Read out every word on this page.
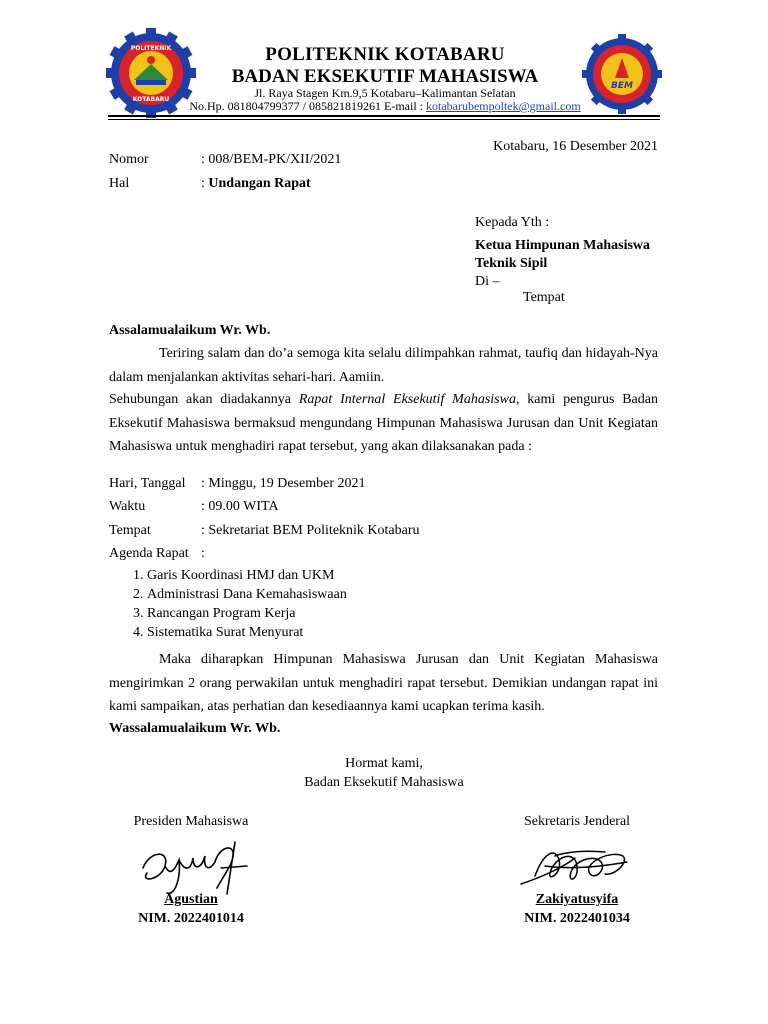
POLITEKNIK
KOTABARU
BEM
POLITEKNIK KOTABARU
BADAN EKSEKUTIF MAHASISWA
Jl. Raya Stagen Km.9,5 Kotabaru–Kalimantan Selatan
No.Hp. 081804799377 / 085821819261 E-mail : kotabarubempoltek@gmail.com
Kotabaru, 16 Desember 2021
Nomor	: 008/BEM-PK/XII/2021
Hal	: Undangan Rapat
Kepada Yth :
Ketua Himpunan Mahasiswa
Teknik Sipil
Di –
Tempat
Assalamualaikum Wr. Wb.
Teriring salam dan do’a semoga kita selalu dilimpahkan rahmat, taufiq dan hidayah-Nya dalam menjalankan aktivitas sehari-hari. Aamiin.
Sehubungan akan diadakannya Rapat Internal Eksekutif Mahasiswa, kami pengurus Badan Eksekutif Mahasiswa bermaksud mengundang Himpunan Mahasiswa Jurusan dan Unit Kegiatan Mahasiswa untuk menghadiri rapat tersebut, yang akan dilaksanakan pada :
Hari, Tanggal : Minggu, 19 Desember 2021
Waktu	: 09.00 WITA
Tempat	: Sekretariat BEM Politeknik Kotabaru
Agenda Rapat :
1. Garis Koordinasi HMJ dan UKM
2. Administrasi Dana Kemahasiswaan
3. Rancangan Program Kerja
4. Sistematika Surat Menyurat
Maka diharapkan Himpunan Mahasiswa Jurusan dan Unit Kegiatan Mahasiswa mengirimkan 2 orang perwakilan untuk menghadiri rapat tersebut. Demikian undangan rapat ini kami sampaikan, atas perhatian dan kesediaannya kami ucapkan terima kasih.
Wassalamualaikum Wr. Wb.
Hormat kami,
Badan Eksekutif Mahasiswa
Presiden Mahasiswa
Agustian
NIM. 2022401014
Sekretaris Jenderal
Zakiyatusyifa
NIM. 2022401034
